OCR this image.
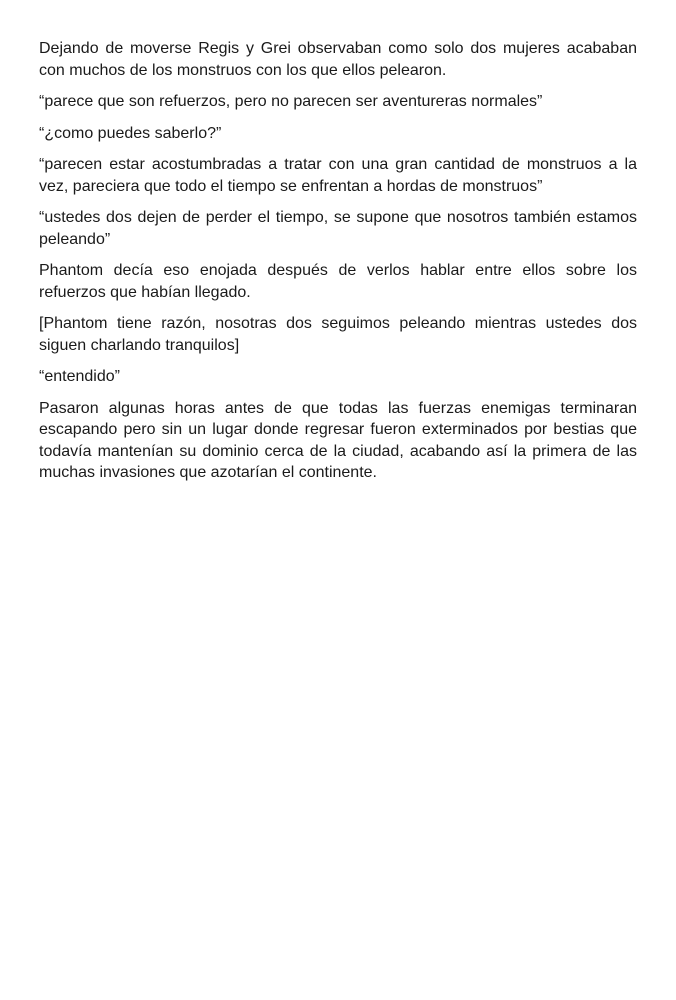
Dejando de moverse Regis y Grei observaban como solo dos mujeres acababan con muchos de los monstruos con los que ellos pelearon.

“parece que son refuerzos, pero no parecen ser aventureras normales”

“¿como puedes saberlo?”

“parecen estar acostumbradas a tratar con una gran cantidad de monstruos a la vez, pareciera que todo el tiempo se enfrentan a hordas de monstruos”

“ustedes dos dejen de perder el tiempo, se supone que nosotros también estamos peleando”

Phantom decía eso enojada después de verlos hablar entre ellos sobre los refuerzos que habían llegado.

[Phantom tiene razón, nosotras dos seguimos peleando mientras ustedes dos siguen charlando tranquilos]

“entendido”

Pasaron algunas horas antes de que todas las fuerzas enemigas terminaran escapando pero sin un lugar donde regresar fueron exterminados por bestias que todavía mantenían su dominio cerca de la ciudad, acabando así la primera de las muchas invasiones que azotarían el continente.
